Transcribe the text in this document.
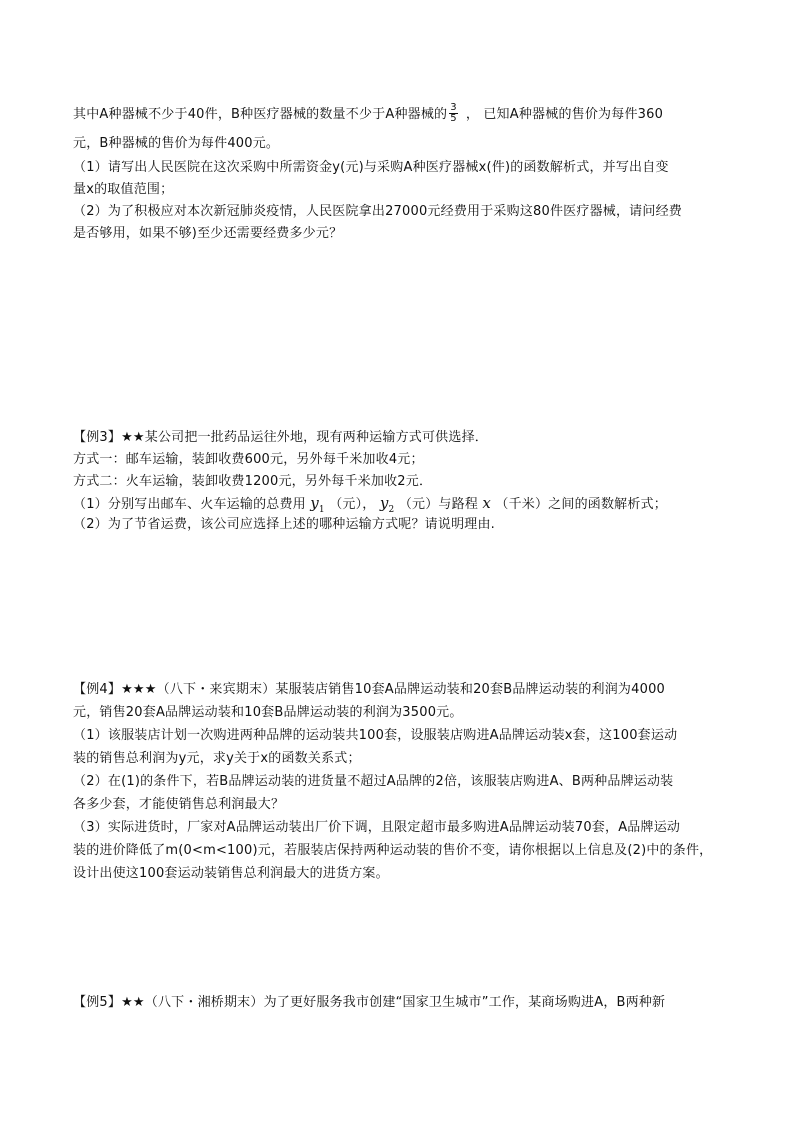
其中A种器械不少于40件，B种医疗器械的数量不少于A种器械的 $\frac{3}{5}$ ， 已知A种器械的售价为每件360
元，B种器械的售价为每件400元。
（1）请写出人民医院在这次采购中所需资金y(元)与采购A种医疗器械x(件)的函数解析式，并写出自变
量x的取值范围；
（2）为了积极应对本次新冠肺炎疫情，人民医院拿出27000元经费用于采购这80件医疗器械，请问经费
是否够用，如果不够)至少还需要经费多少元？
【例3】★★某公司把一批药品运往外地，现有两种运输方式可供选择．
方式一：邮车运输，装卸收费600元，另外每千米加收4元；
方式二：火车运输，装卸收费1200元，另外每千米加收2元．
（1）分别写出邮车、火车运输的总费用 $y_1$ （元）， $y_2$ （元）与路程 x （千米）之间的函数解析式；
（2）为了节省运费，该公司应选择上述的哪种运输方式呢？请说明理由.
【例4】★★★（八下・来宾期末）某服装店销售10套A品牌运动装和20套B品牌运动装的利润为4000
元，销售20套A品牌运动装和10套B品牌运动装的利润为3500元。
（1）该服装店计划一次购进两种品牌的运动装共100套，设服装店购进A品牌运动装x套，这100套运动
装的销售总利润为y元，求y关于x的函数关系式；
（2）在(1)的条件下，若B品牌运动装的进货量不超过A品牌的2倍，该服装店购进A、B两种品牌运动装
各多少套，才能使销售总利润最大？
（3）实际进货时，厂家对A品牌运动装出厂价下调，且限定超市最多购进A品牌运动装70套，A品牌运动
装的进价降低了m(0<m<100)元，若服装店保持两种运动装的售价不变，请你根据以上信息及(2)中的条件，
设计出使这100套运动装销售总利润最大的进货方案。
【例5】★★（八下・湘桥期末）为了更好服务我市创建“国家卫生城市”工作，某商场购进A，B两种新
